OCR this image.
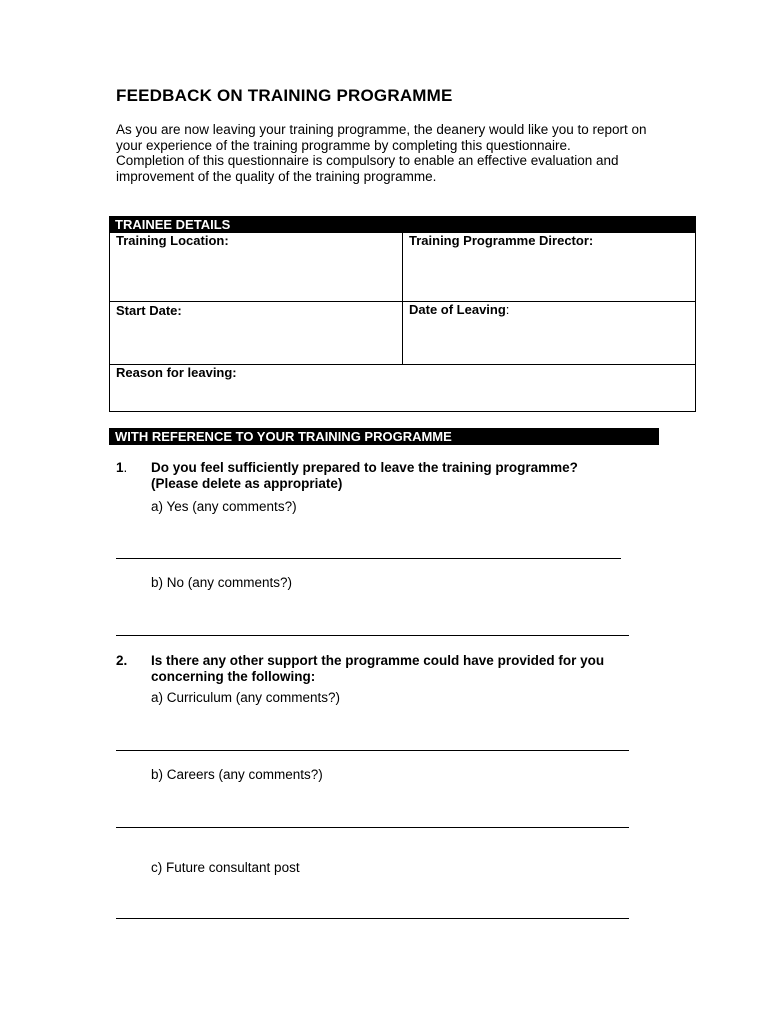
FEEDBACK ON TRAINING PROGRAMME

As you are now leaving your training programme, the deanery would like you to report on your experience of the training programme by completing this questionnaire.

Completion of this questionnaire is compulsory to enable an effective evaluation and improvement of the quality of the training programme.

TRAINEE DETAILS
Training Location:	Training Programme Director:
Start Date:	Date of Leaving:
Reason for leaving:
WITH REFERENCE TO YOUR TRAINING PROGRAMME
1. Do you feel sufficiently prepared to leave the training programme?
(Please delete as appropriate)
a) Yes (any comments?)
b) No (any comments?)
2. Is there any other support the programme could have provided for you concerning the following:
a) Curriculum (any comments?)
b) Careers (any comments?)
c) Future consultant post
